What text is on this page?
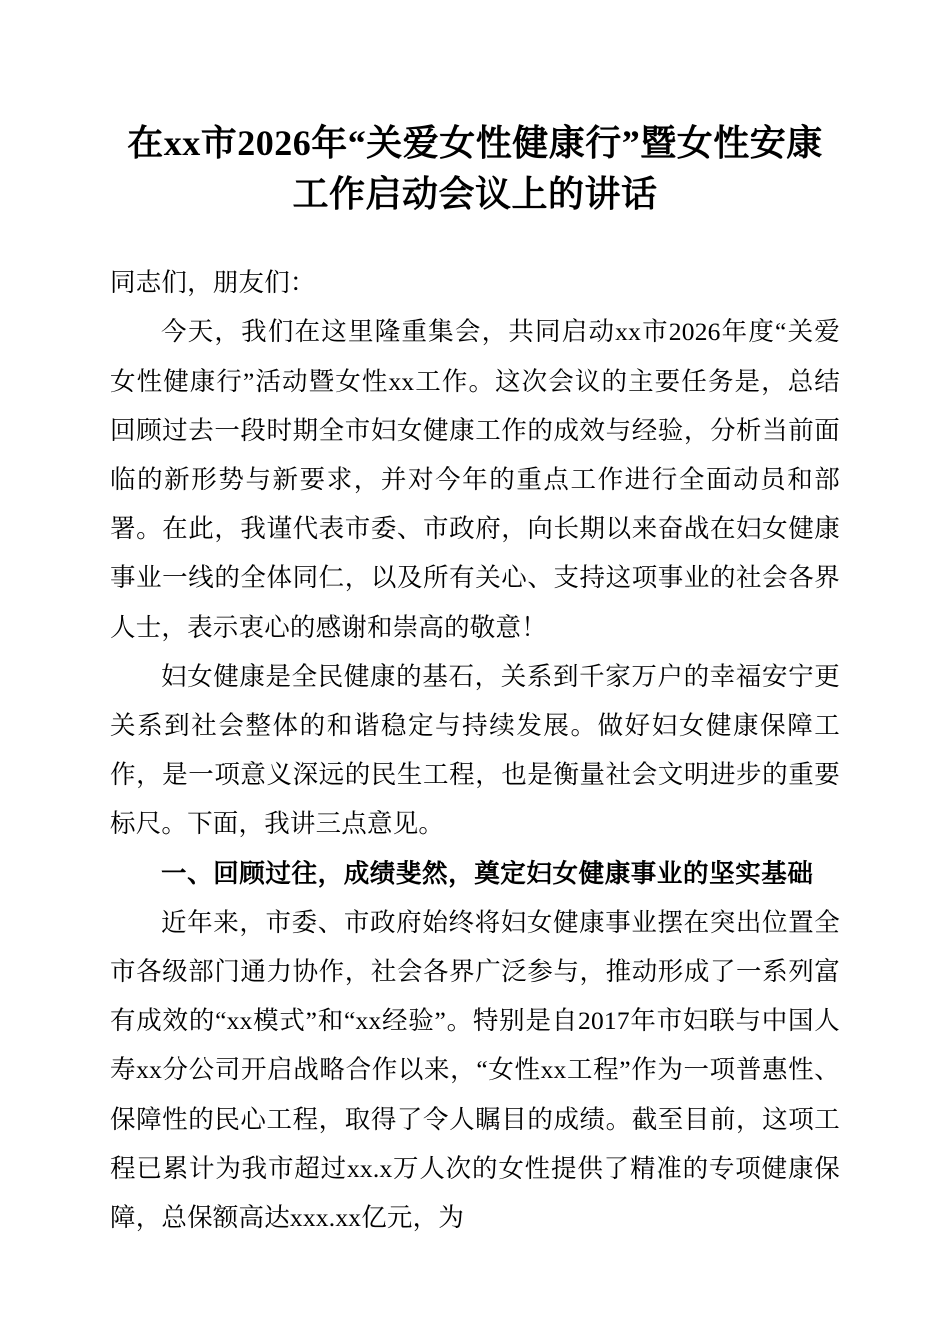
在xx市2026年“关爱女性健康行”暨女性安康工作启动会议上的讲话

同志们，朋友们：

今天，我们在这里隆重集会，共同启动xx市2026年度“关爱女性健康行”活动暨女性xx工作。这次会议的主要任务是，总结回顾过去一段时期全市妇女健康工作的成效与经验，分析当前面临的新形势与新要求，并对今年的重点工作进行全面动员和部署。在此，我谨代表市委、市政府，向长期以来奋战在妇女健康事业一线的全体同仁，以及所有关心、支持这项事业的社会各界人士，表示衷心的感谢和崇高的敬意！

妇女健康是全民健康的基石，关系到千家万户的幸福安宁更关系到社会整体的和谐稳定与持续发展。做好妇女健康保障工作，是一项意义深远的民生工程，也是衡量社会文明进步的重要标尺。下面，我讲三点意见。

一、回顾过往，成绩斐然，奠定妇女健康事业的坚实基础

近年来，市委、市政府始终将妇女健康事业摆在突出位置全市各级部门通力协作，社会各界广泛参与，推动形成了一系列富有成效的“xx模式”和“xx经验”。特别是自2017年市妇联与中国人寿xx分公司开启战略合作以来，“女性xx工程”作为一项普惠性、保障性的民心工程，取得了令人瞩目的成绩。截至目前，这项工程已累计为我市超过xx.x万人次的女性提供了精准的专项健康保障，总保额高达xxx.xx亿元，为
